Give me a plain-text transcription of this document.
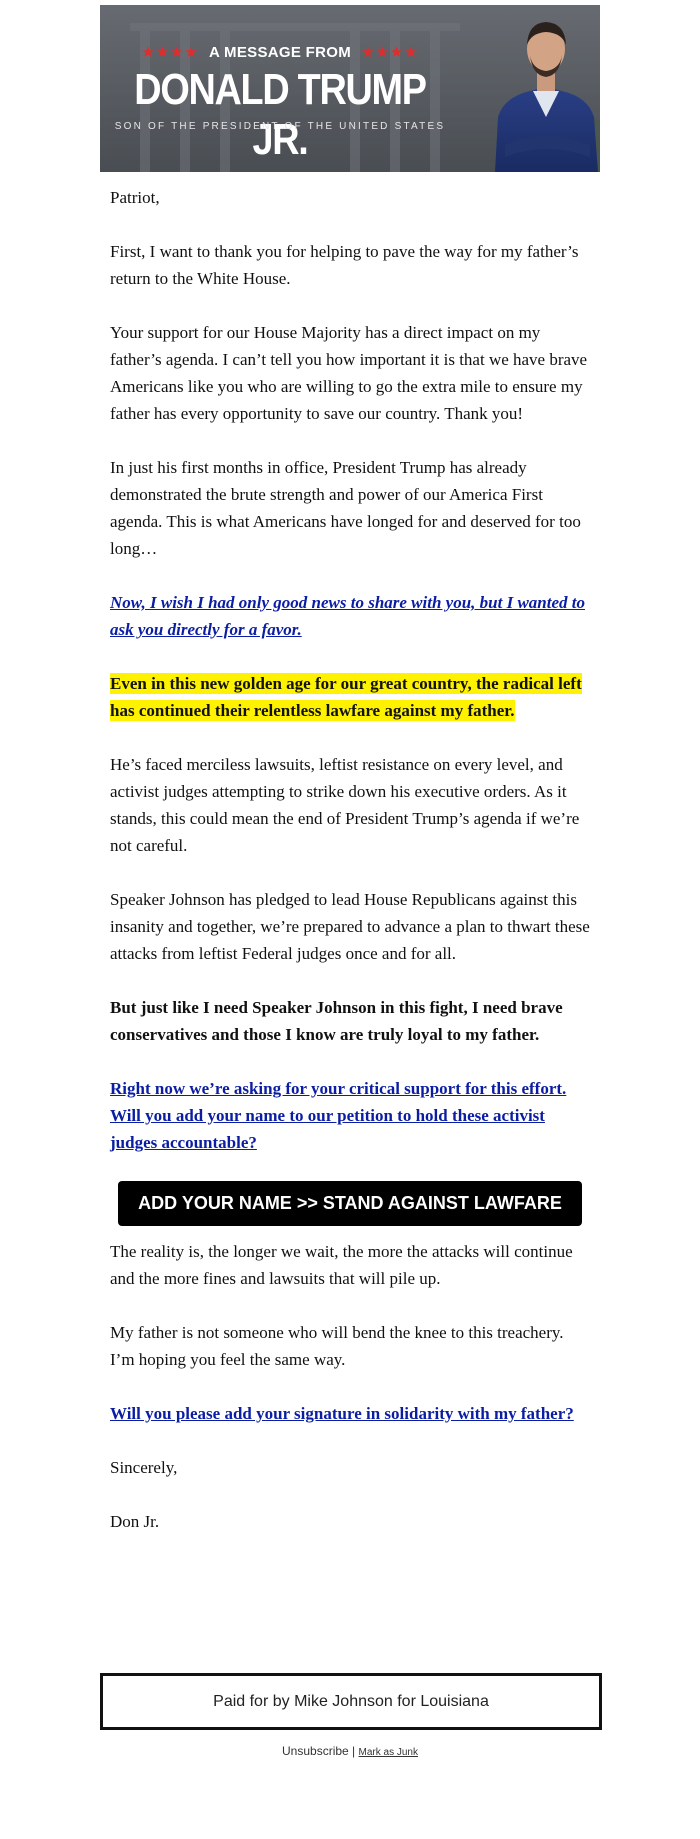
★★★★ A MESSAGE FROM ★★★★
DONALD TRUMP JR.
SON OF THE PRESIDENT OF THE UNITED STATES

Patriot,

First, I want to thank you for helping to pave the way for my father’s return to the White House.

Your support for our House Majority has a direct impact on my father’s agenda. I can’t tell you how important it is that we have brave Americans like you who are willing to go the extra mile to ensure my father has every opportunity to save our country. Thank you!

In just his first months in office, President Trump has already demonstrated the brute strength and power of our America First agenda. This is what Americans have longed for and deserved for too long…

Now, I wish I had only good news to share with you, but I wanted to ask you directly for a favor.

Even in this new golden age for our great country, the radical left has continued their relentless lawfare against my father.

He’s faced merciless lawsuits, leftist resistance on every level, and activist judges attempting to strike down his executive orders. As it stands, this could mean the end of President Trump’s agenda if we’re not careful.

Speaker Johnson has pledged to lead House Republicans against this insanity and together, we’re prepared to advance a plan to thwart these attacks from leftist Federal judges once and for all.

But just like I need Speaker Johnson in this fight, I need brave conservatives and those I know are truly loyal to my father.

Right now we’re asking for your critical support for this effort. Will you add your name to our petition to hold these activist judges accountable?

ADD YOUR NAME >> STAND AGAINST LAWFARE

The reality is, the longer we wait, the more the attacks will continue and the more fines and lawsuits that will pile up.

My father is not someone who will bend the knee to this treachery. I’m hoping you feel the same way.

Will you please add your signature in solidarity with my father?

Sincerely,

Don Jr.

Paid for by Mike Johnson for Louisiana
Unsubscribe | Mark as Junk
